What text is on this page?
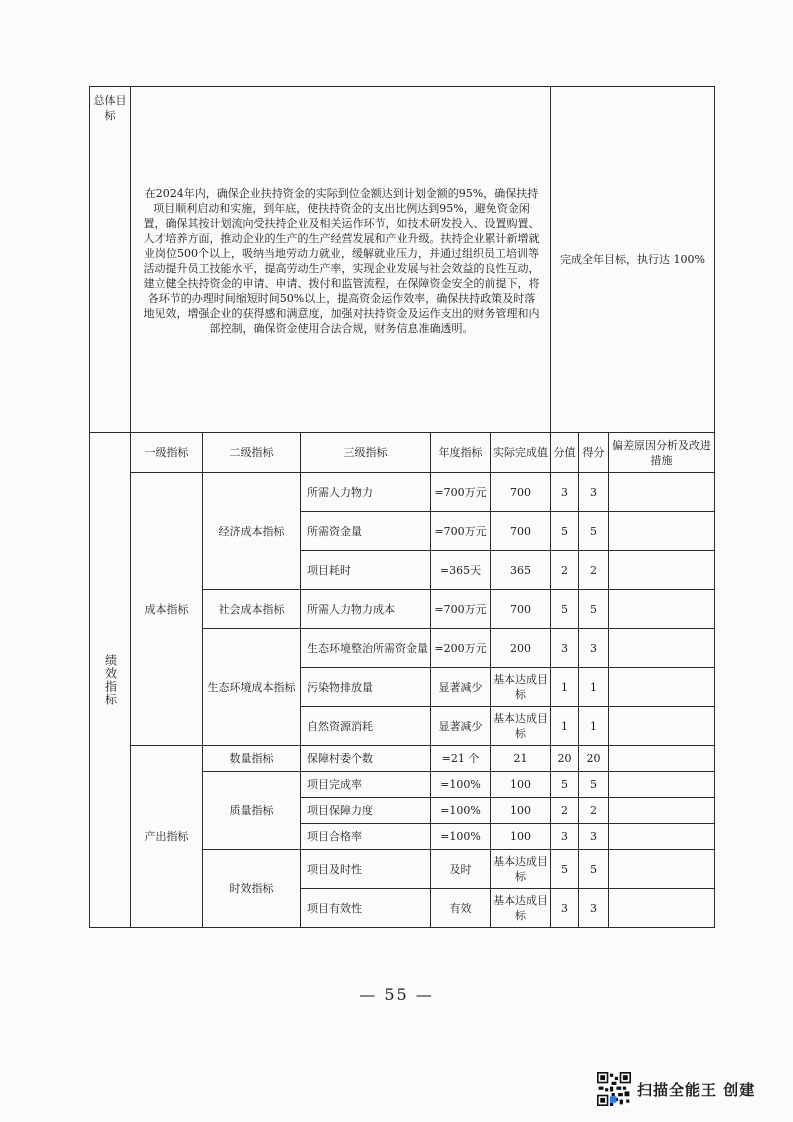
总体目标	在2024年内，确保企业扶持资金的实际到位金额达到计划金额的95%，确保扶持项目顺利启动和实施，到年底，使扶持资金的支出比例达到95%，避免资金闲置，确保其按计划流向受扶持企业及相关运作环节，如技术研发投入、设置购置、人才培养方面，推动企业的生产的生产经营发展和产业升级。扶持企业累计新增就业岗位500个以上，吸纳当地劳动力就业，缓解就业压力，并通过组织员工培训等活动提升员工技能水平，提高劳动生产率，实现企业发展与社会效益的良性互动，建立健全扶持资金的申请、申请、拨付和监管流程，在保障资金安全的前提下，将各环节的办理时间缩短时间50%以上，提高资金运作效率，确保扶持政策及时落地见效，增强企业的获得感和满意度，加强对扶持资金及运作支出的财务管理和内部控制，确保资金使用合法合规，财务信息准确透明。					完成全年目标，执行达 100%		

绩效指标	一级指标	二级指标	三级指标	年度指标	实际完成值	分值	得分	偏差原因分析及改进措施
	成本指标	经济成本指标	所需人力物力	=700万元	700	3	3	
			所需资金量	=700万元	700	5	5	
			项目耗时	=365天	365	2	2	
		社会成本指标	所需人力物力成本	=700万元	700	5	5	
		生态环境成本指标	生态环境整治所需资金量	=200万元	200	3	3	
			污染物排放量	显著减少	基本达成目标	1	1	
			自然资源消耗	显著减少	基本达成目标	1	1	
	产出指标	数量指标	保障村委个数	=21 个	21	20	20	
		质量指标	项目完成率	=100%	100	5	5	
			项目保障力度	=100%	100	2	2	
			项目合格率	=100%	100	3	3	
		时效指标	项目及时性	及时	基本达成目标	5	5	
			项目有效性	有效	基本达成目标	3	3	
— 55 —
扫描全能王 创建
